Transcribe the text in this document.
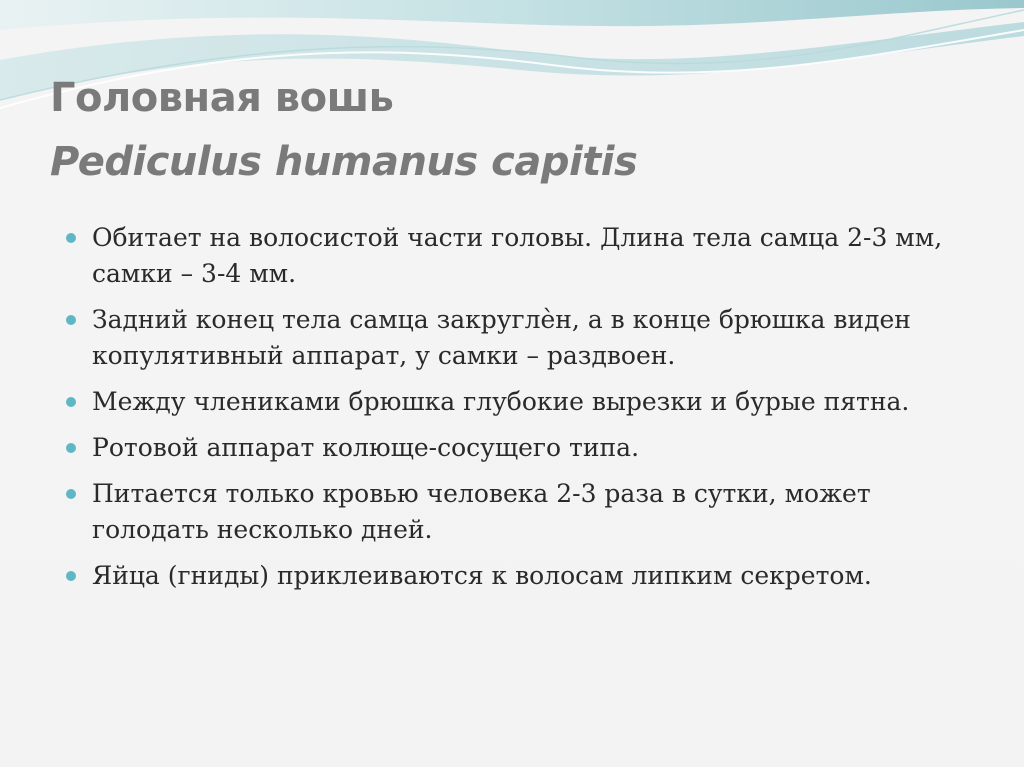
Головная вошь
Pediculus humanus capitis
Обитает на волосистой части головы. Длина тела самца 2-3 мм, самки – 3-4 мм.
Задний конец тела самца закруглѐн, а в конце брюшка виден копулятивный аппарат, у самки – раздвоен.
Между члениками брюшка глубокие вырезки и бурые пятна.
Ротовой аппарат колюще-сосущего типа.
Питается только кровью человека 2-3 раза в сутки, может голодать несколько дней.
Яйца (гниды) приклеиваются к волосам липким секретом.
